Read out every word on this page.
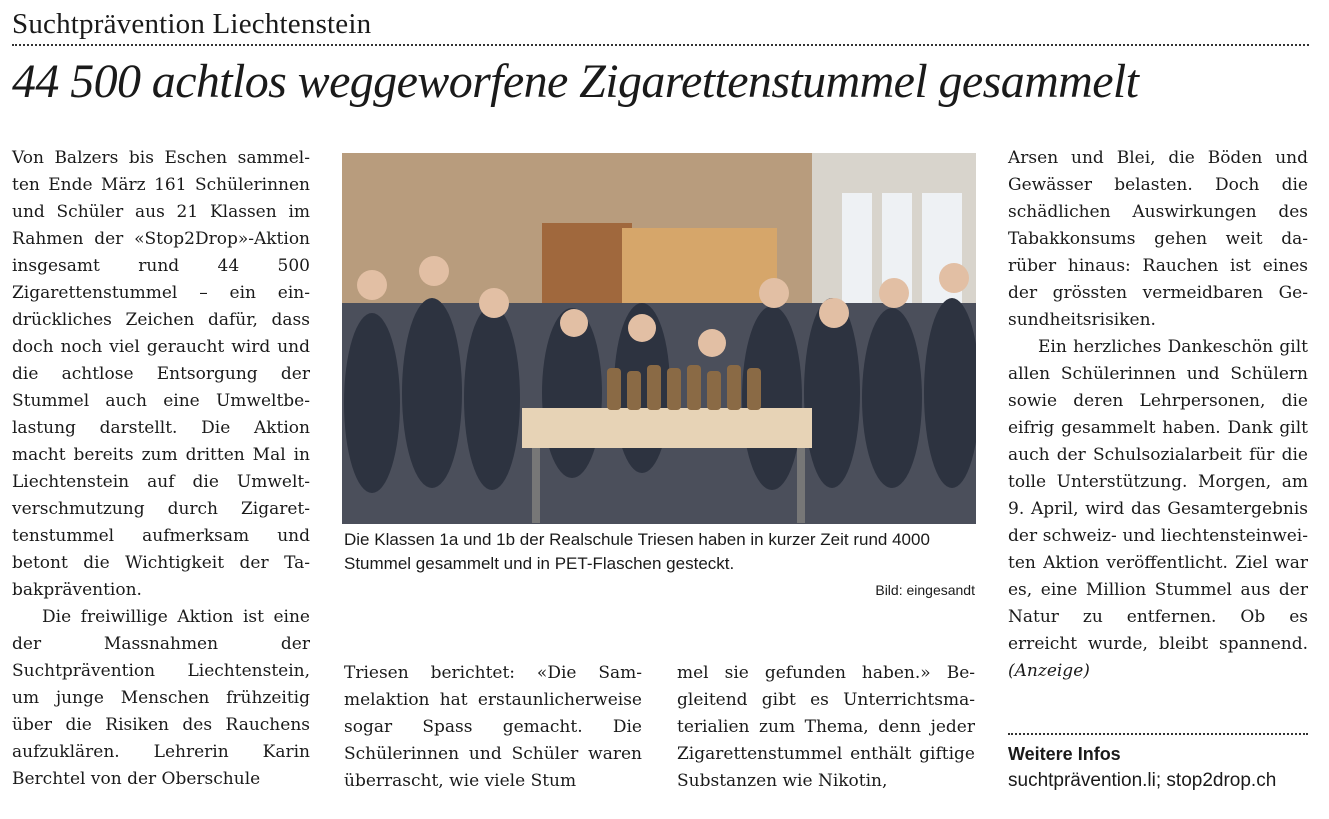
Suchtprävention Liechtenstein
44 500 achtlos weggeworfene Zigarettenstummel gesammelt

Von Balzers bis Eschen sammelten Ende März 161 Schülerinnen und Schüler aus 21 Klassen im Rahmen der «Stop2Drop»-Aktion insgesamt rund 44 500 Zigarettenstummel – ein eindrückliches Zeichen dafür, dass doch noch viel geraucht wird und die achtlose Entsorgung der Stummel auch eine Umweltbelastung darstellt. Die Aktion macht bereits zum dritten Mal in Liechtenstein auf die Umweltverschmutzung durch Zigarettenstummel aufmerksam und betont die Wichtigkeit der Tabakprävention.

Die freiwillige Aktion ist eine der Massnahmen der Suchtprävention Liechtenstein, um junge Menschen frühzeitig über die Risiken des Rauchens aufzuklären. Lehrerin Karin Berchtel von der Oberschule

Die Klassen 1a und 1b der Realschule Triesen haben in kurzer Zeit rund 4000 Stummel gesammelt und in PET-Flaschen gesteckt.
Bild: eingesandt

Triesen berichtet: «Die Sammelaktion hat erstaunlicherweise sogar Spass gemacht. Die Schülerinnen und Schüler waren überrascht, wie viele Stum

mel sie gefunden haben.» Begleitend gibt es Unterrichtsmaterialien zum Thema, denn jeder Zigarettenstummel enthält giftige Substanzen wie Nikotin,

Arsen und Blei, die Böden und Gewässer belasten. Doch die schädlichen Auswirkungen des Tabakkonsums gehen weit darüber hinaus: Rauchen ist eines der grössten vermeidbaren Gesundheitsrisiken.

Ein herzliches Dankeschön gilt allen Schülerinnen und Schülern sowie deren Lehrpersonen, die eifrig gesammelt haben. Dank gilt auch der Schulsozialarbeit für die tolle Unterstützung. Morgen, am 9. April, wird das Gesamtergebnis der schweiz- und liechtensteinweiten Aktion veröffentlicht. Ziel war es, eine Million Stummel aus der Natur zu entfernen. Ob es erreicht wurde, bleibt spannend. (Anzeige)

Weitere Infos
suchtprävention.li; stop2drop.ch
